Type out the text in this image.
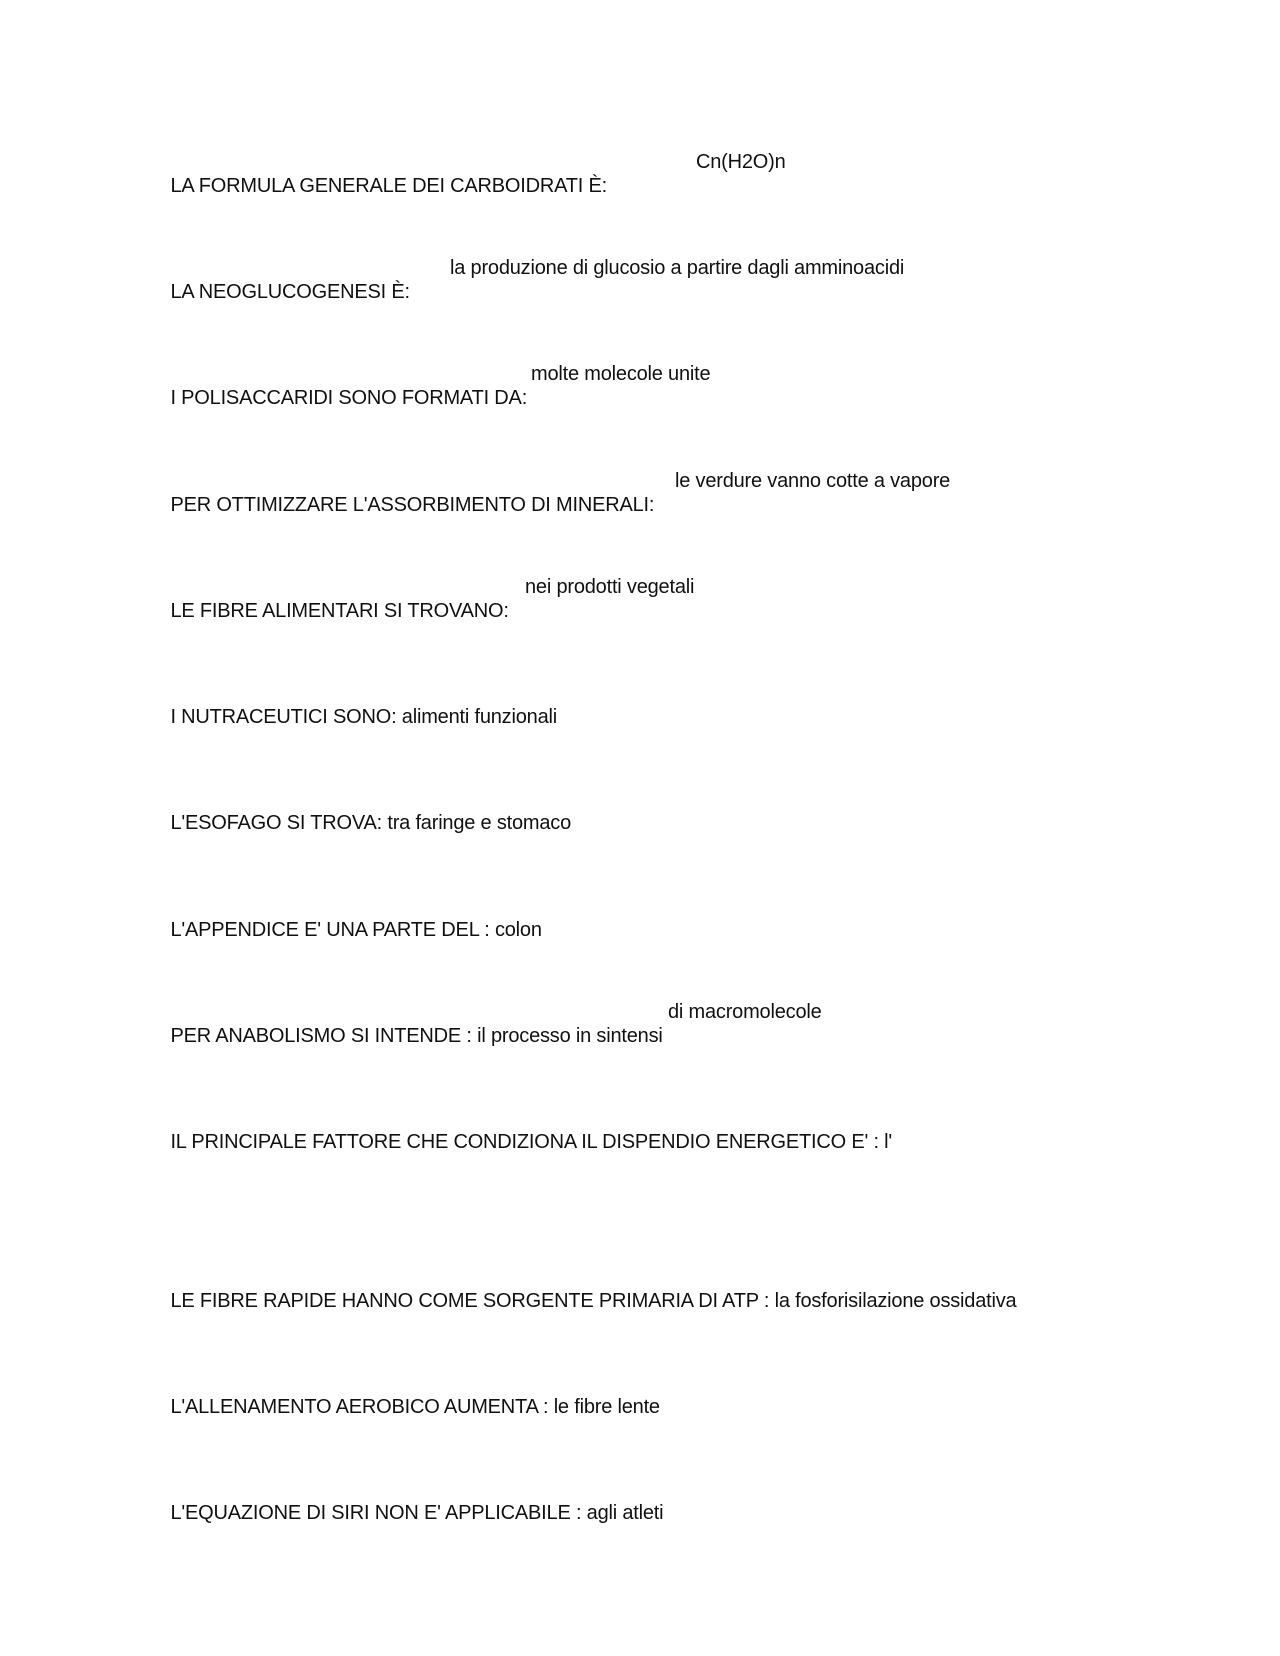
LA FORMULA GENERALE DEI CARBOIDRATI È:

Cn(H2O)n

LA NEOGLUCOGENESI È:

la produzione di glucosio a partire dagli amminoacidi

I POLISACCARIDI SONO FORMATI DA:

molte molecole unite

PER OTTIMIZZARE L'ASSORBIMENTO DI MINERALI:

le verdure vanno cotte a vapore

LE FIBRE ALIMENTARI SI TROVANO:

nei prodotti vegetali

I NUTRACEUTICI SONO: alimenti funzionali

L'ESOFAGO SI TROVA: tra faringe e stomaco

L'APPENDICE E' UNA PARTE DEL : colon

PER ANABOLISMO SI INTENDE : il processo in sintensi

di macromolecole

IL PRINCIPALE FATTORE CHE CONDIZIONA IL DISPENDIO ENERGETICO E' : l'

LE FIBRE RAPIDE HANNO COME SORGENTE PRIMARIA DI ATP : la fosforisilazione ossidativa

L'ALLENAMENTO AEROBICO AUMENTA : le fibre lente

L'EQUAZIONE DI SIRI NON E' APPLICABILE : agli atleti
